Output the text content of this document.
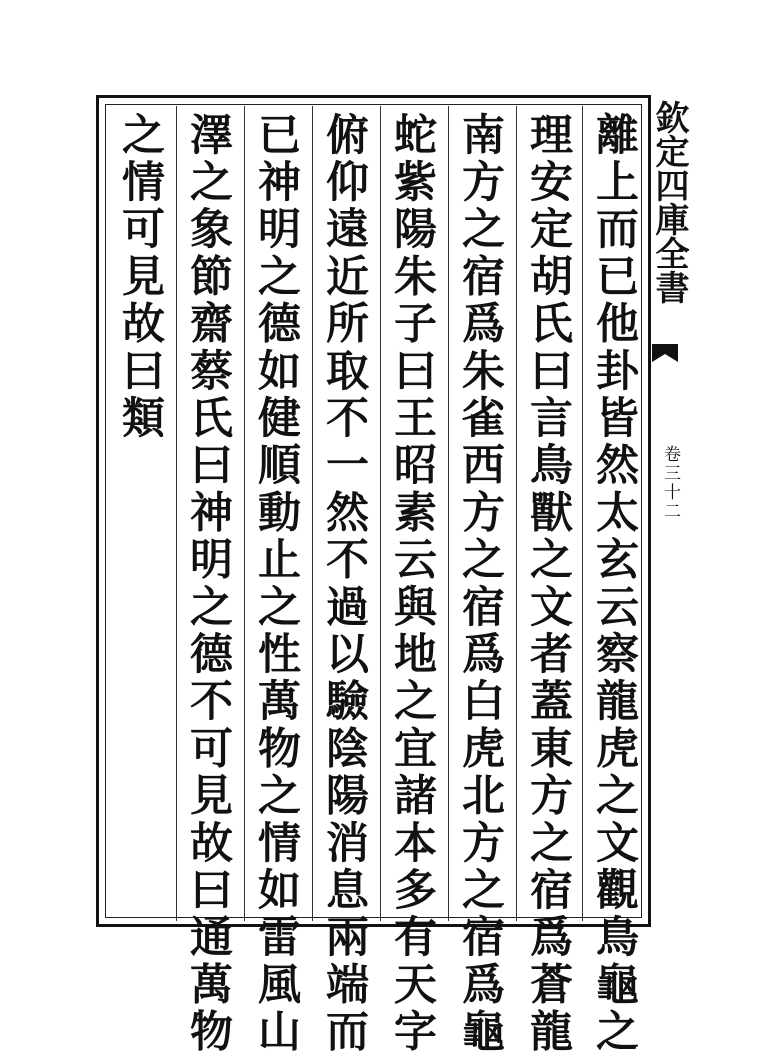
離上而已他卦皆然太玄云察龍虎之文觀鳥龜之
理安定胡氏曰言鳥獸之文者蓋東方之宿爲蒼龍
南方之宿爲朱雀西方之宿爲白虎北方之宿爲龜
蛇紫陽朱子曰王昭素云與地之宜諸本多有天字
俯仰遠近所取不一然不過以驗陰陽消息兩端而
已神明之德如健順動止之性萬物之情如雷風山
澤之象節齋蔡氏曰神明之德不可見故曰通萬物
之情可見故曰類	欽定四庫全書
卷三十二
